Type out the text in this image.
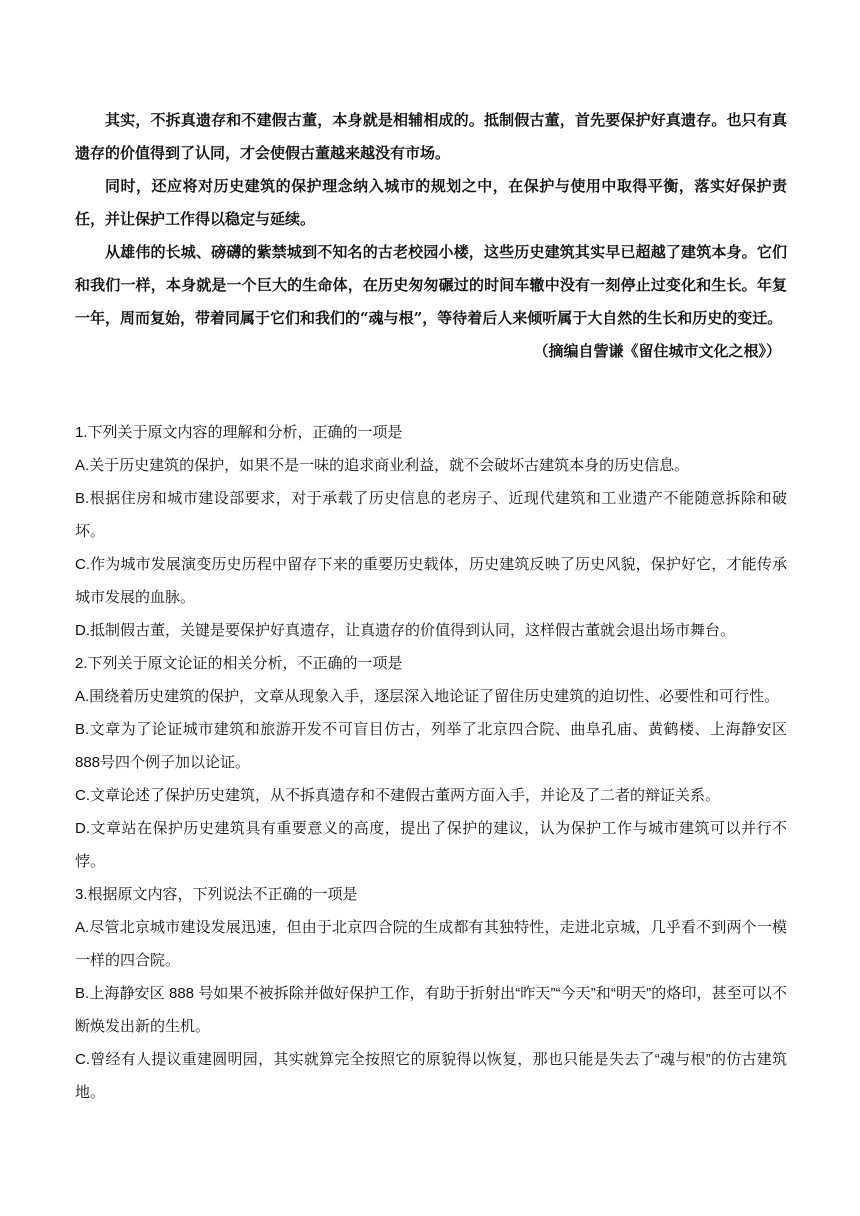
其实，不拆真遗存和不建假古董，本身就是相辅相成的。抵制假古董，首先要保护好真遗存。也只有真遗存的价值得到了认同，才会使假古董越来越没有市场。

同时，还应将对历史建筑的保护理念纳入城市的规划之中，在保护与使用中取得平衡，落实好保护责任，并让保护工作得以稳定与延续。

从雄伟的长城、磅礴的紫禁城到不知名的古老校园小楼，这些历史建筑其实早已超越了建筑本身。它们和我们一样，本身就是一个巨大的生命体，在历史匆匆碾过的时间车辙中没有一刻停止过变化和生长。年复一年，周而复始，带着同属于它们和我们的“魂与根”，等待着后人来倾听属于大自然的生长和历史的变迁。

（摘编自訾谦《留住城市文化之根》）

1.下列关于原文内容的理解和分析，正确的一项是

A.关于历史建筑的保护，如果不是一味的追求商业利益，就不会破坏古建筑本身的历史信息。

B.根据住房和城市建设部要求，对于承载了历史信息的老房子、近现代建筑和工业遗产不能随意拆除和破坏。

C.作为城市发展演变历史历程中留存下来的重要历史载体，历史建筑反映了历史风貌，保护好它，才能传承城市发展的血脉。

D.抵制假古董，关键是要保护好真遗存，让真遗存的价值得到认同，这样假古董就会退出场市舞台。

2.下列关于原文论证的相关分析，不正确的一项是

A.围绕着历史建筑的保护，文章从现象入手，逐层深入地论证了留住历史建筑的迫切性、必要性和可行性。

B.文章为了论证城市建筑和旅游开发不可盲目仿古，列举了北京四合院、曲阜孔庙、黄鹤楼、上海静安区888号四个例子加以论证。

C.文章论述了保护历史建筑，从不拆真遗存和不建假古董两方面入手，并论及了二者的辩证关系。

D.文章站在保护历史建筑具有重要意义的高度，提出了保护的建议，认为保护工作与城市建筑可以并行不悖。

3.根据原文内容，下列说法不正确的一项是

A.尽管北京城市建设发展迅速，但由于北京四合院的生成都有其独特性，走进北京城，几乎看不到两个一模一样的四合院。

B.上海静安区 888 号如果不被拆除并做好保护工作，有助于折射出“昨天”“今天”和“明天”的烙印，甚至可以不断焕发出新的生机。

C.曾经有人提议重建圆明园，其实就算完全按照它的原貌得以恢复，那也只能是失去了“魂与根”的仿古建筑地。
